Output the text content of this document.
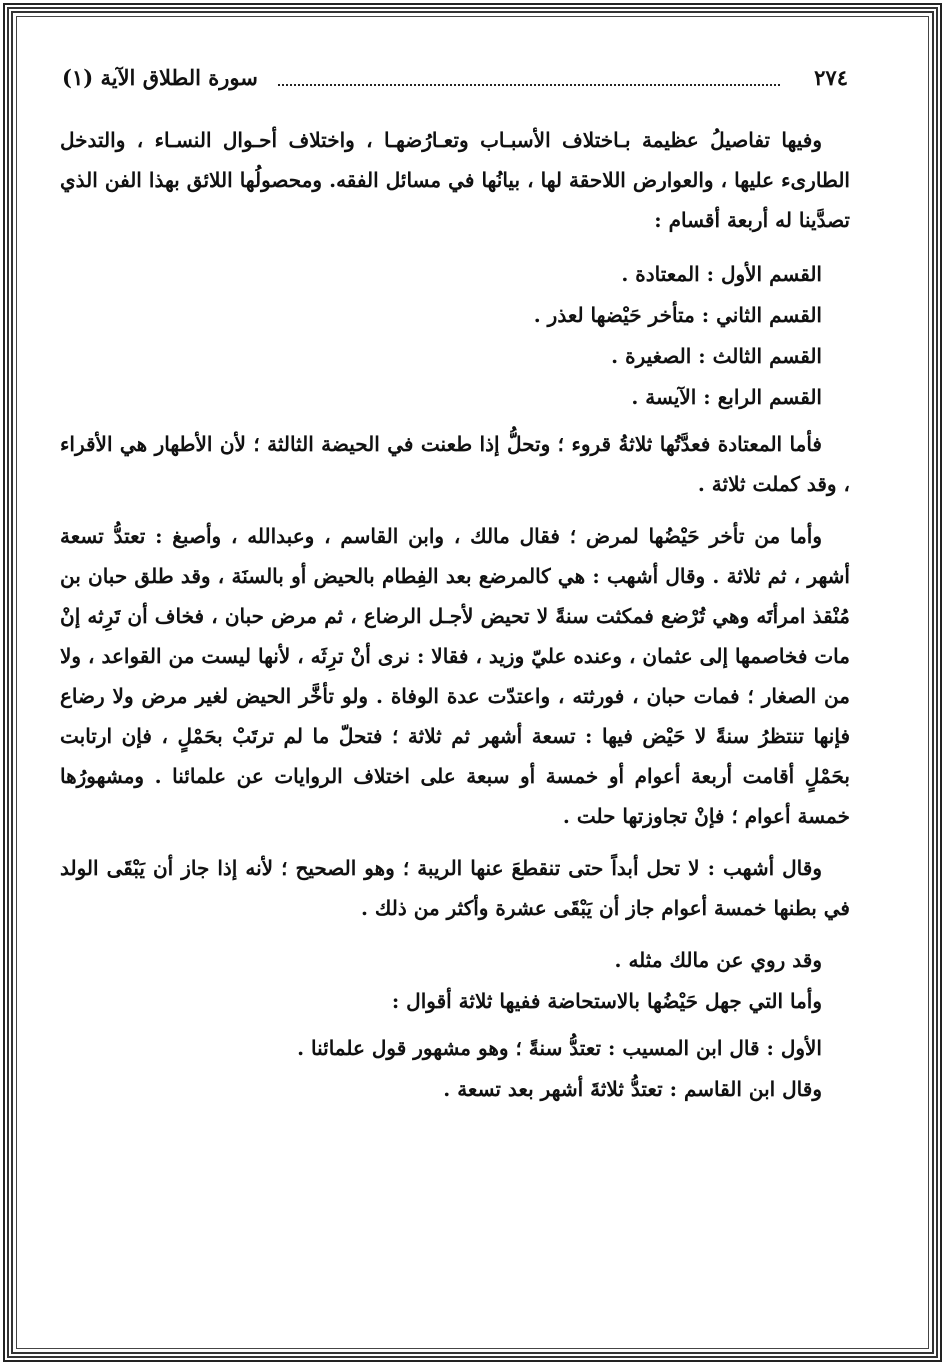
٢٧٤
سورة الطلاق الآية (١)

وفيها تفاصيلُ عظيمة بـاختلاف الأسبـاب وتعـارُضهـا ، واختلاف أحـوال النسـاء ، والتدخل الطارىء عليها ، والعوارض اللاحقة لها ، بيانُها في مسائل الفقه. ومحصولُها اللائق بهذا الفن الذي تصدَّينا له أربعة أقسام :

القسم الأول : المعتادة .

القسم الثاني : متأخر حَيْضها لعذر .

القسم الثالث : الصغيرة .

القسم الرابع : الآيسة .

فأما المعتادة فعدَّتُها ثلاثةُ قروء ؛ وتحلُّ إذا طعنت في الحيضة الثالثة ؛ لأن الأطهار هي الأقراء ، وقد كملت ثلاثة .

وأما من تأخر حَيْضُها لمرض ؛ فقال مالك ، وابن القاسم ، وعبدالله ، وأصبغ : تعتدُّ تسعة أشهر ، ثم ثلاثة . وقال أشهب : هي كالمرضع بعد الفِطام بالحيض أو بالسنَة ، وقد طلق حبان بن مُنْقذ امرأتَه وهي تُرْضع فمكثت سنةً لا تحيض لأجـل الرضاع ، ثم مرض حبان ، فخاف أن تَرِثه إنْ مات فخاصمها إلى عثمان ، وعنده عليّ وزيد ، فقالا : نرى أنْ ترِثَه ، لأنها ليست من القواعد ، ولا من الصغار ؛ فمات حبان ، فورثته ، واعتدّت عدة الوفاة . ولو تأخَّر الحيض لغير مرض ولا رضاع فإنها تنتظرُ سنةً لا حَيْض فيها : تسعة أشهر ثم ثلاثة ؛ فتحلّ ما لم ترتَبْ بحَمْلٍ ، فإن ارتابت بحَمْلٍ أقامت أربعة أعوام أو خمسة أو سبعة على اختلاف الروايات عن علمائنا . ومشهورُها خمسة أعوام ؛ فإنْ تجاوزتها حلت .

وقال أشهب : لا تحل أبداً حتى تنقطعَ عنها الريبة ؛ وهو الصحيح ؛ لأنه إذا جاز أن يَبْقَى الولد في بطنها خمسة أعوام جاز أن يَبْقَى عشرة وأكثر من ذلك .

وقد روي عن مالك مثله .

وأما التي جهل حَيْضُها بالاستحاضة ففيها ثلاثة أقوال :

الأول : قال ابن المسيب : تعتدُّ سنةً ؛ وهو مشهور قول علمائنا .

وقال ابن القاسم : تعتدُّ ثلاثةَ أشهر بعد تسعة .
